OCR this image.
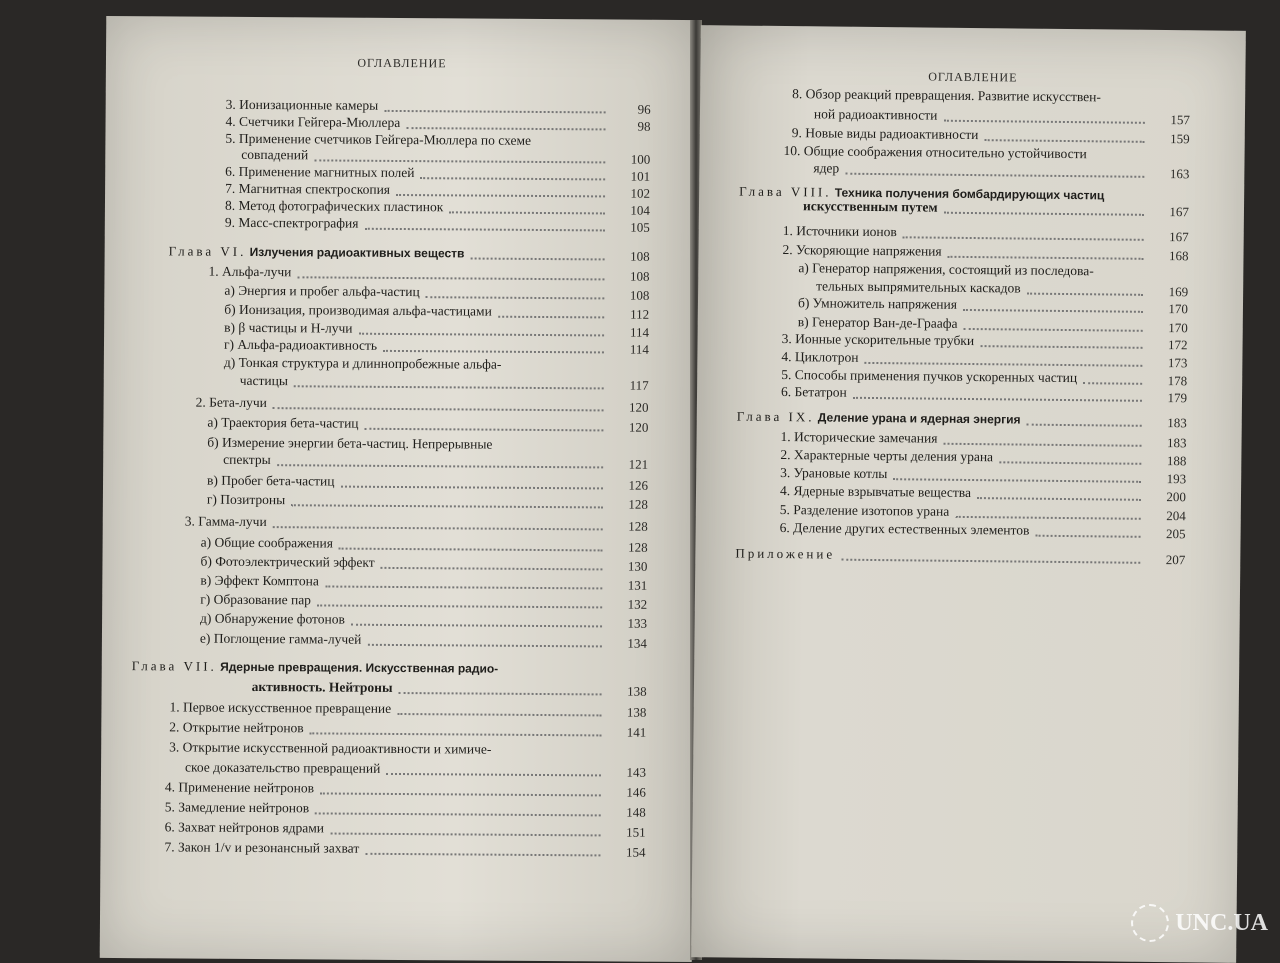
ОГЛАВЛЕНИЕ
3. Ионизационные камеры	96
4. Счетчики Гейгера-Мюллера	98
5. Применение счетчиков Гейгера-Мюллера по схеме
совпадений	100
6. Применение магнитных полей	101
7. Магнитная спектроскопия	102
8. Метод фотографических пластинок	104
9. Масс-спектрография	105
Глава VI. Излучения радиоактивных веществ	108
1. Альфа-лучи	108
а) Энергия и пробег альфа-частиц	108
б) Ионизация, производимая альфа-частицами	112
в) β частицы и H-лучи	114
г) Альфа-радиоактивность	114
д) Тонкая структура и длиннопробежные альфа-
частицы	117
2. Бета-лучи	120
а) Траектория бета-частиц	120
б) Измерение энергии бета-частиц. Непрерывные
спектры	121
в) Пробег бета-частиц	126
г) Позитроны	128
3. Гамма-лучи	128
а) Общие соображения	128
б) Фотоэлектрический эффект	130
в) Эффект Комптона	131
г) Образование пар	132
д) Обнаружение фотонов	133
е) Поглощение гамма-лучей	134
Глава VII. Ядерные превращения. Искусственная радио-
активность. Нейтроны	138
1. Первое искусственное превращение	138
2. Открытие нейтронов	141
3. Открытие искусственной радиоактивности и химиче-
ское доказательство превращений	143
4. Применение нейтронов	146
5. Замедление нейтронов	148
6. Захват нейтронов ядрами	151
7. Закон 1/v и резонансный захват	154
ОГЛАВЛЕНИЕ
8. Обзор реакций превращения. Развитие искусствен-
ной радиоактивности	157
9. Новые виды радиоактивности	159
10. Общие соображения относительно устойчивости
ядер	163
Глава VIII. Техника получения бомбардирующих частиц
искусственным путем	167
1. Источники ионов	167
2. Ускоряющие напряжения	168
а) Генератор напряжения, состоящий из последова-
тельных выпрямительных каскадов	169
б) Умножитель напряжения	170
в) Генератор Ван-де-Граафа	170
3. Ионные ускорительные трубки	172
4. Циклотрон	173
5. Способы применения пучков ускоренных частиц	178
6. Бетатрон	179
Глава IX. Деление урана и ядерная энергия	183
1. Исторические замечания	183
2. Характерные черты деления урана	188
3. Урановые котлы	193
4. Ядерные взрывчатые вещества	200
5. Разделение изотопов урана	204
6. Деление других естественных элементов	205
Приложение	207
UNC.UA
